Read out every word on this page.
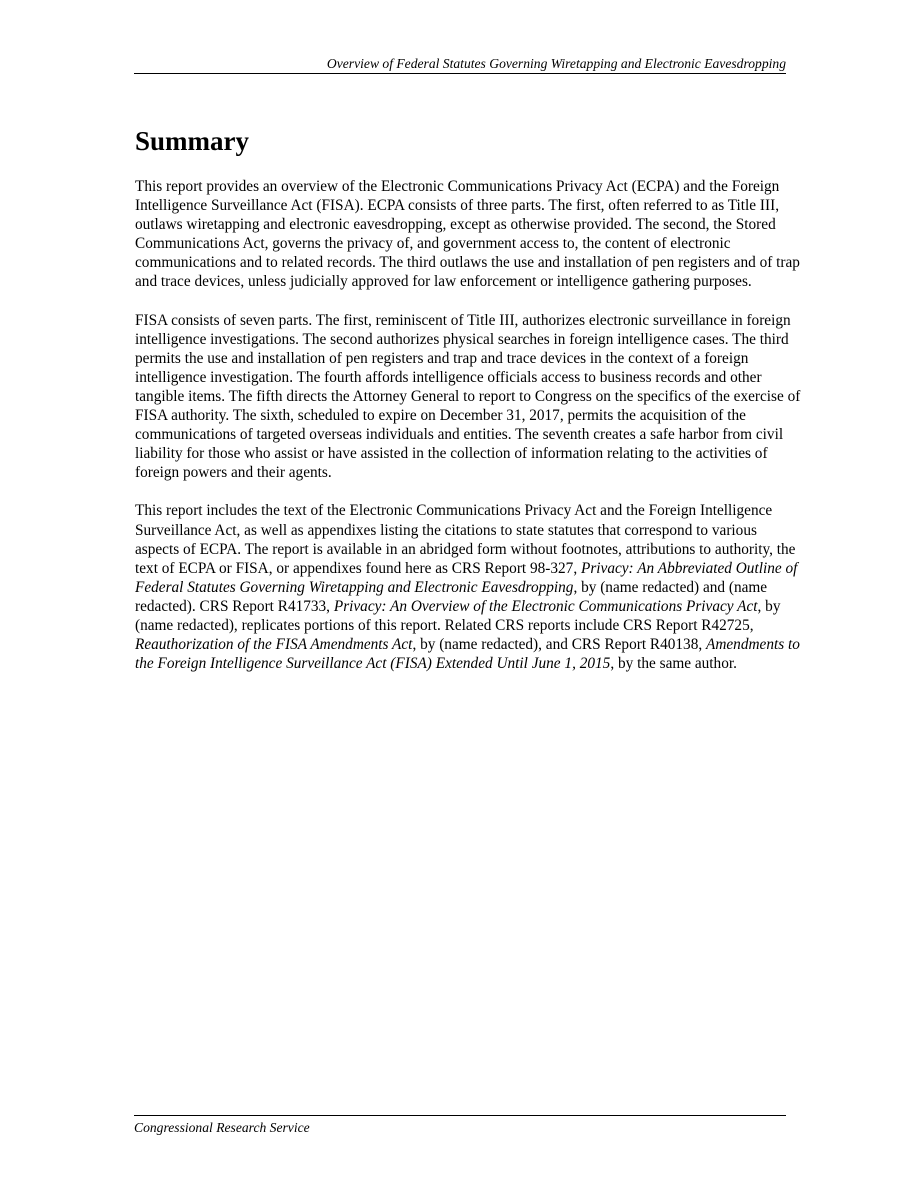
Overview of Federal Statutes Governing Wiretapping and Electronic Eavesdropping
Summary

This report provides an overview of the Electronic Communications Privacy Act (ECPA) and the Foreign Intelligence Surveillance Act (FISA). ECPA consists of three parts. The first, often referred to as Title III, outlaws wiretapping and electronic eavesdropping, except as otherwise provided. The second, the Stored Communications Act, governs the privacy of, and government access to, the content of electronic communications and to related records. The third outlaws the use and installation of pen registers and of trap and trace devices, unless judicially approved for law enforcement or intelligence gathering purposes.

FISA consists of seven parts. The first, reminiscent of Title III, authorizes electronic surveillance in foreign intelligence investigations. The second authorizes physical searches in foreign intelligence cases. The third permits the use and installation of pen registers and trap and trace devices in the context of a foreign intelligence investigation. The fourth affords intelligence officials access to business records and other tangible items. The fifth directs the Attorney General to report to Congress on the specifics of the exercise of FISA authority. The sixth, scheduled to expire on December 31, 2017, permits the acquisition of the communications of targeted overseas individuals and entities. The seventh creates a safe harbor from civil liability for those who assist or have assisted in the collection of information relating to the activities of foreign powers and their agents.

This report includes the text of the Electronic Communications Privacy Act and the Foreign Intelligence Surveillance Act, as well as appendixes listing the citations to state statutes that correspond to various aspects of ECPA. The report is available in an abridged form without footnotes, attributions to authority, the text of ECPA or FISA, or appendixes found here as CRS Report 98-327, Privacy: An Abbreviated Outline of Federal Statutes Governing Wiretapping and Electronic Eavesdropping, by (name redacted) and (name redacted). CRS Report R41733, Privacy: An Overview of the Electronic Communications Privacy Act, by (name redacted), replicates portions of this report. Related CRS reports include CRS Report R42725, Reauthorization of the FISA Amendments Act, by (name redacted), and CRS Report R40138, Amendments to the Foreign Intelligence Surveillance Act (FISA) Extended Until June 1, 2015, by the same author.

Congressional Research Service
